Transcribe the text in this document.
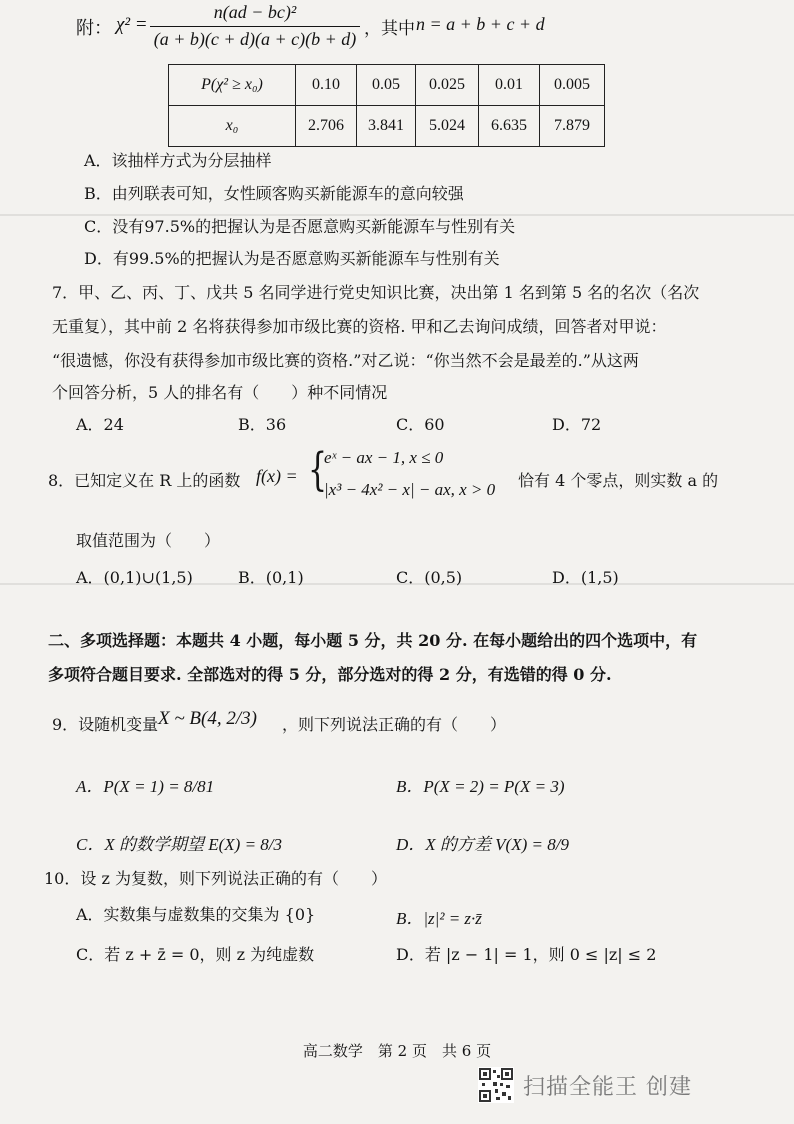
附： χ² =
n(ad − bc)²
(a + b)(c + d)(a + c)(b + d) ，其中 n = a + b + c + d
P(χ² ≥ x₀)	0.10	0.05	0.025	0.01	0.005
x₀	2.706	3.841	5.024	6.635	7.879
A．该抽样方式为分层抽样
B．由列联表可知，女性顾客购买新能源车的意向较强
C．没有97.5%的把握认为是否愿意购买新能源车与性别有关
D．有99.5%的把握认为是否愿意购买新能源车与性别有关
7．甲、乙、丙、丁、戊共 5 名同学进行党史知识比赛，决出第 1 名到第 5 名的名次（名次
无重复），其中前 2 名将获得参加市级比赛的资格. 甲和乙去询问成绩，回答者对甲说：
“很遗憾，你没有获得参加市级比赛的资格.”对乙说：“你当然不会是最差的.”从这两
个回答分析，5 人的排名有（　　）种不同情况
A．24	B．36	C．60	D．72
8．已知定义在 R 上的函数 f(x) = {
eˣ − ax − 1, x ≤ 0
|x³ − 4x² − x| − ax, x > 0 恰有 4 个零点，则实数 a 的
取值范围为（　　）
A．(0,1)∪(1,5)	B．(0,1)	C．(0,5)	D．(1,5)
二、多项选择题：本题共 4 小题，每小题 5 分，共 20 分. 在每小题给出的四个选项中，有
多项符合题目要求. 全部选对的得 5 分，部分选对的得 2 分，有选错的得 0 分.
9．设随机变量 X ~ B(4, 2/3) ，则下列说法正确的有（　　）
A．P(X = 1) = 8/81	B．P(X = 2) = P(X = 3)
C．X 的数学期望 E(X) = 8/3	D．X 的方差 V(X) = 8/9
10．设 z 为复数，则下列说法正确的有（　　）
A．实数集与虚数集的交集为 {0}	B．|z|² = z·z̄
C．若 z + z̄ = 0，则 z 为纯虚数	D．若 |z − 1| = 1，则 0 ≤ |z| ≤ 2
高二数学　第 2 页　共 6 页
扫描全能王 创建
